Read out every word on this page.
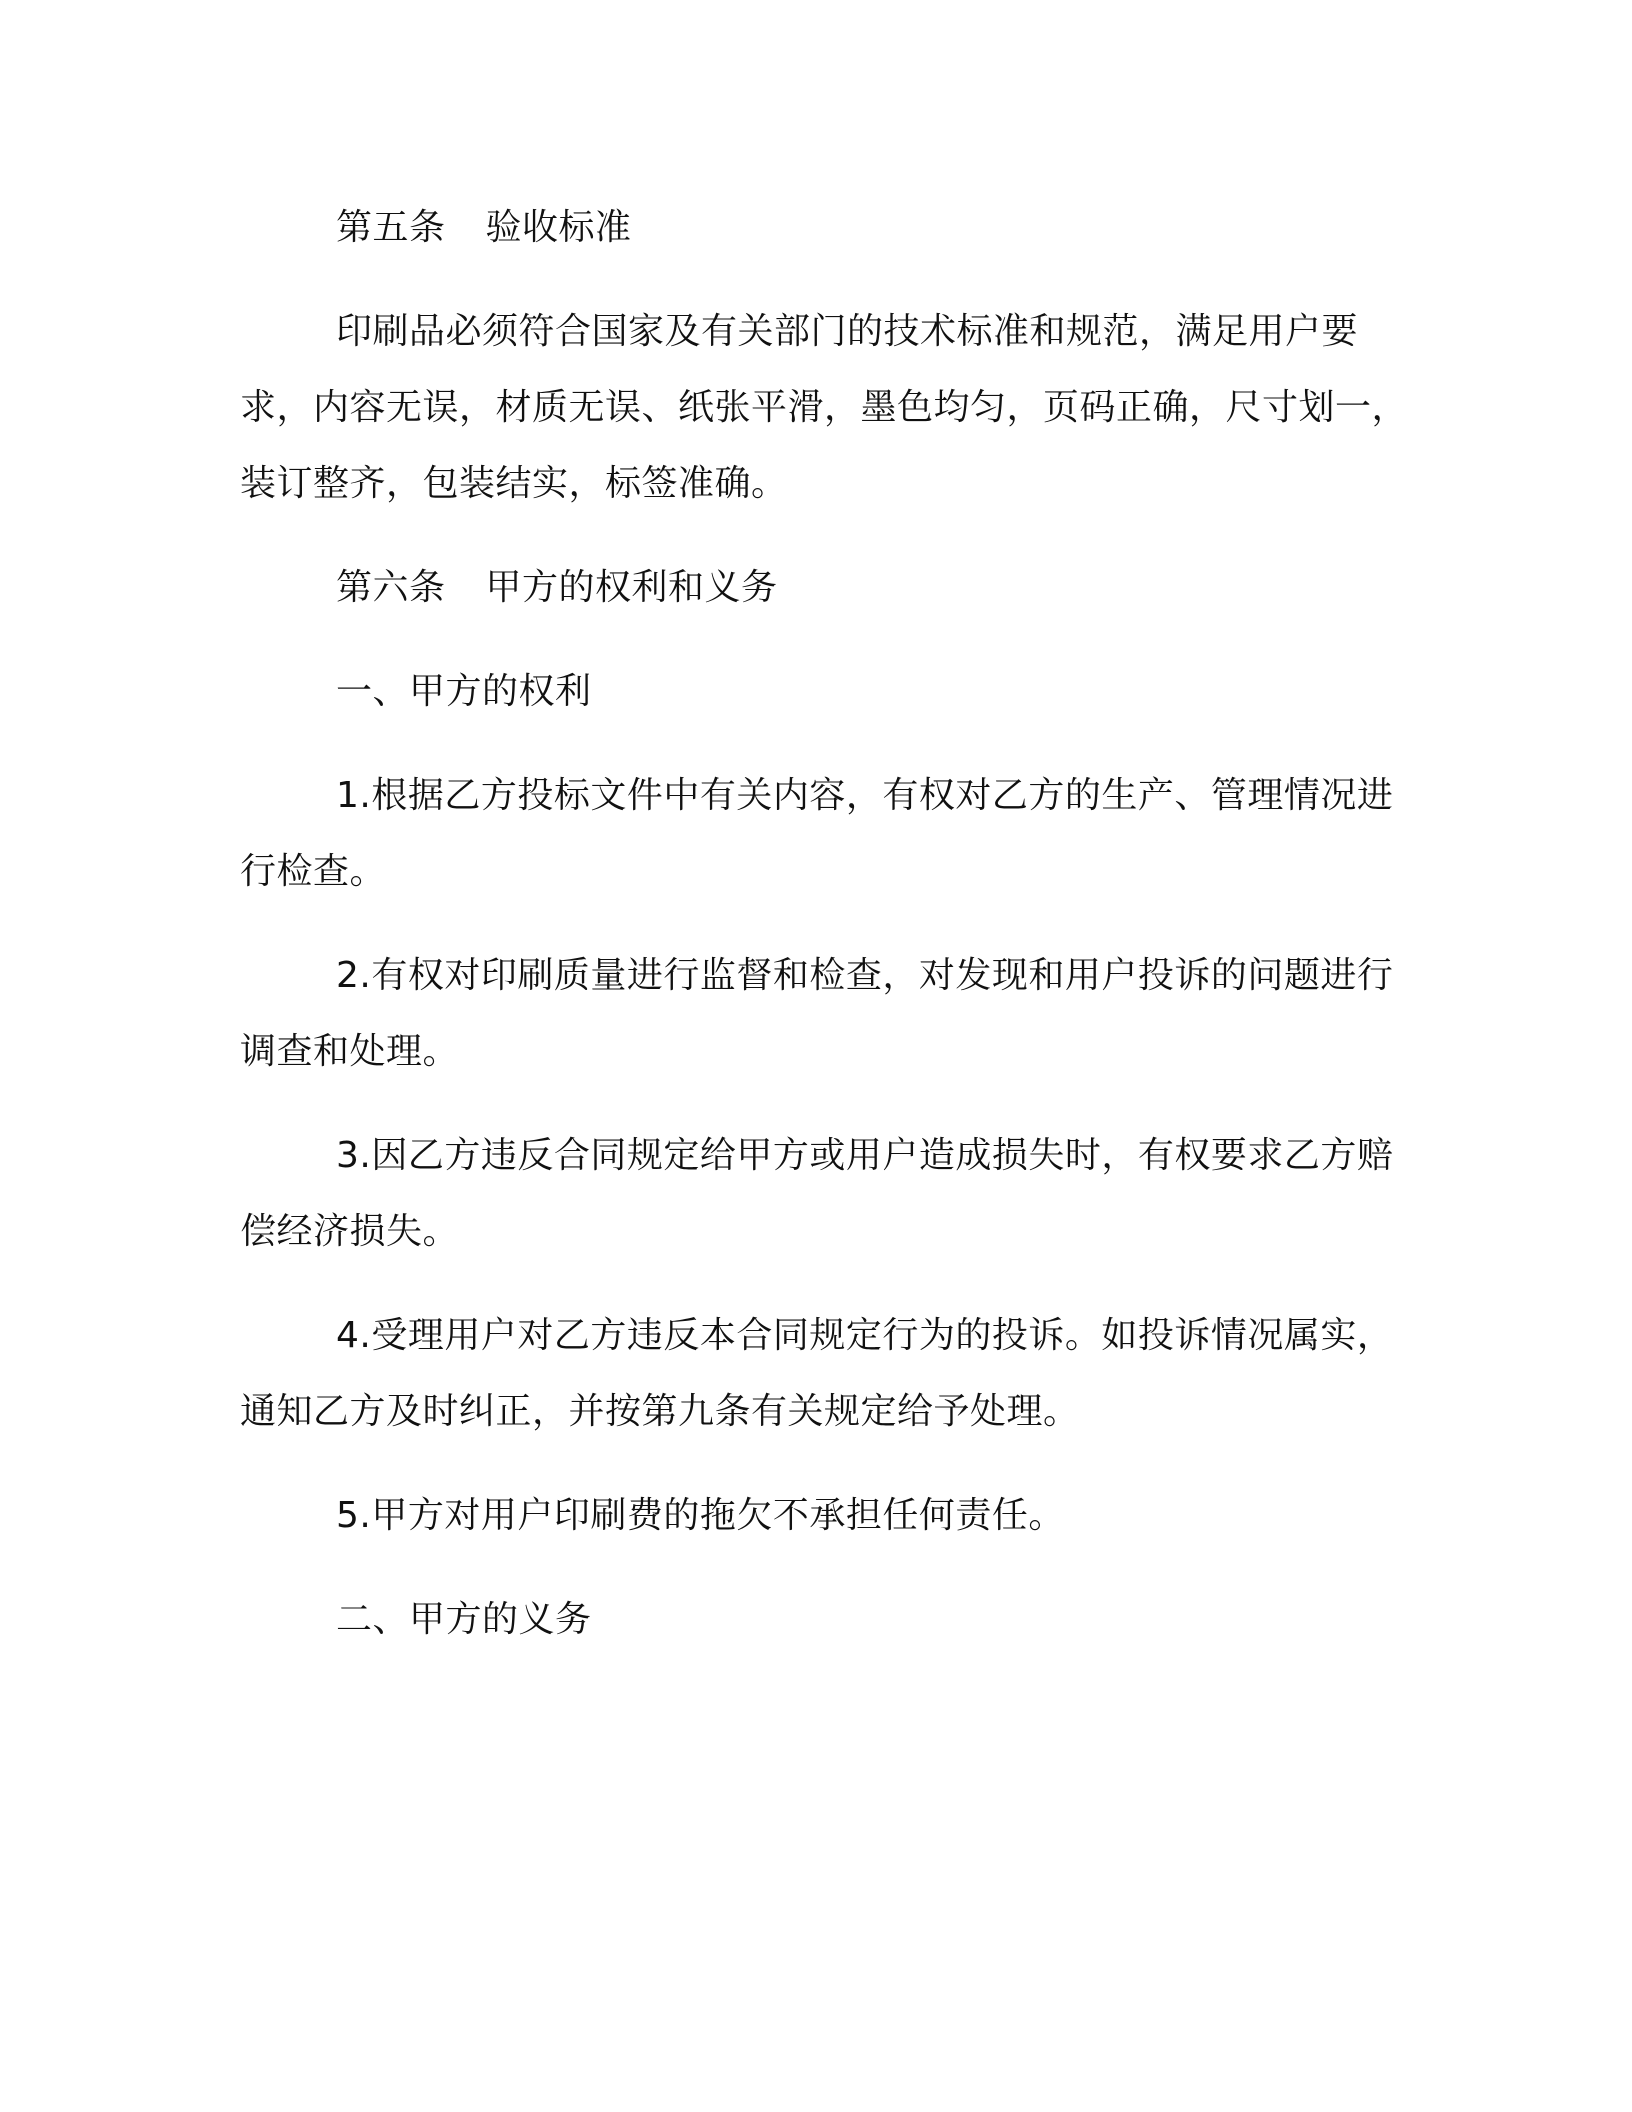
第五条 验收标准

印刷品必须符合国家及有关部门的技术标准和规范，满足用户要求，内容无误，材质无误、纸张平滑，墨色均匀，页码正确，尺寸划一，装订整齐，包装结实，标签准确。

第六条 甲方的权利和义务

一、甲方的权利

1.根据乙方投标文件中有关内容，有权对乙方的生产、管理情况进行检查。

2.有权对印刷质量进行监督和检查，对发现和用户投诉的问题进行调查和处理。

3.因乙方违反合同规定给甲方或用户造成损失时，有权要求乙方赔偿经济损失。

4.受理用户对乙方违反本合同规定行为的投诉。如投诉情况属实，通知乙方及时纠正，并按第九条有关规定给予处理。

5.甲方对用户印刷费的拖欠不承担任何责任。

二、甲方的义务
